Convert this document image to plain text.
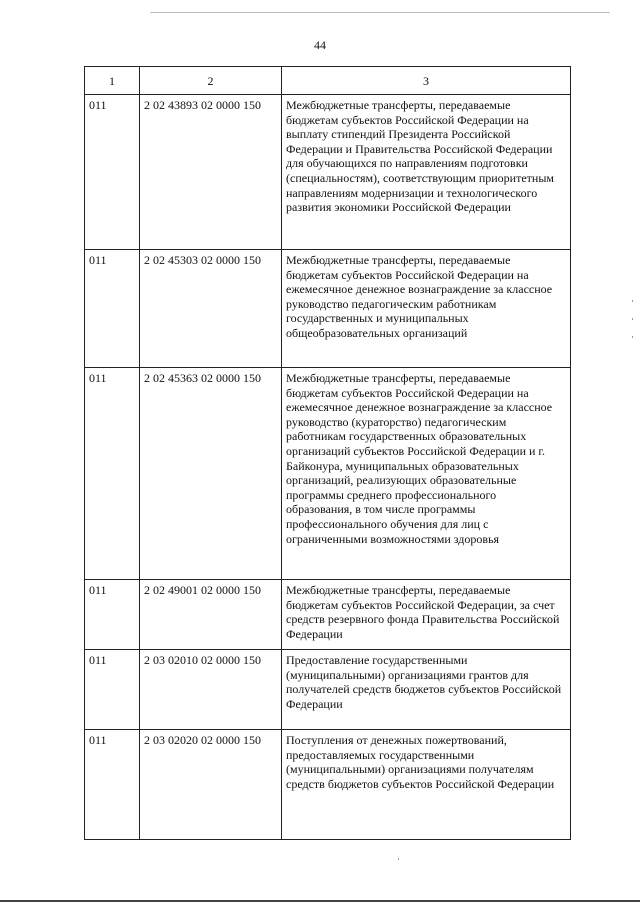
44
1	2	3
011	2 02 43893 02 0000 150	Межбюджетные трансферты, передаваемые бюджетам субъектов Российской Федерации на выплату стипендий Президента Российской Федерации и Правительства Российской Федерации для обучающихся по направлениям подготовки (специальностям), соответствующим приоритетным направлениям модернизации и технологического развития экономики Российской Федерации
011	2 02 45303 02 0000 150	Межбюджетные трансферты, передаваемые бюджетам субъектов Российской Федерации на ежемесячное денежное вознаграждение за классное руководство педагогическим работникам государственных и муниципальных общеобразовательных организаций
011	2 02 45363 02 0000 150	Межбюджетные трансферты, передаваемые бюджетам субъектов Российской Федерации на ежемесячное денежное вознаграждение за классное руководство (кураторство) педагогическим работникам государственных образовательных организаций субъектов Российской Федерации и г. Байконура, муниципальных образовательных организаций, реализующих образовательные программы среднего профессионального образования, в том числе программы профессионального обучения для лиц с ограниченными возможностями здоровья
011	2 02 49001 02 0000 150	Межбюджетные трансферты, передаваемые бюджетам субъектов Российской Федерации, за счет средств резервного фонда Правительства Российской Федерации
011	2 03 02010 02 0000 150	Предоставление государственными (муниципальными) организациями грантов для получателей средств бюджетов субъектов Российской Федерации
011	2 03 02020 02 0000 150	Поступления от денежных пожертвований, предоставляемых государственными (муниципальными) организациями получателям средств бюджетов субъектов Российской Федерации
